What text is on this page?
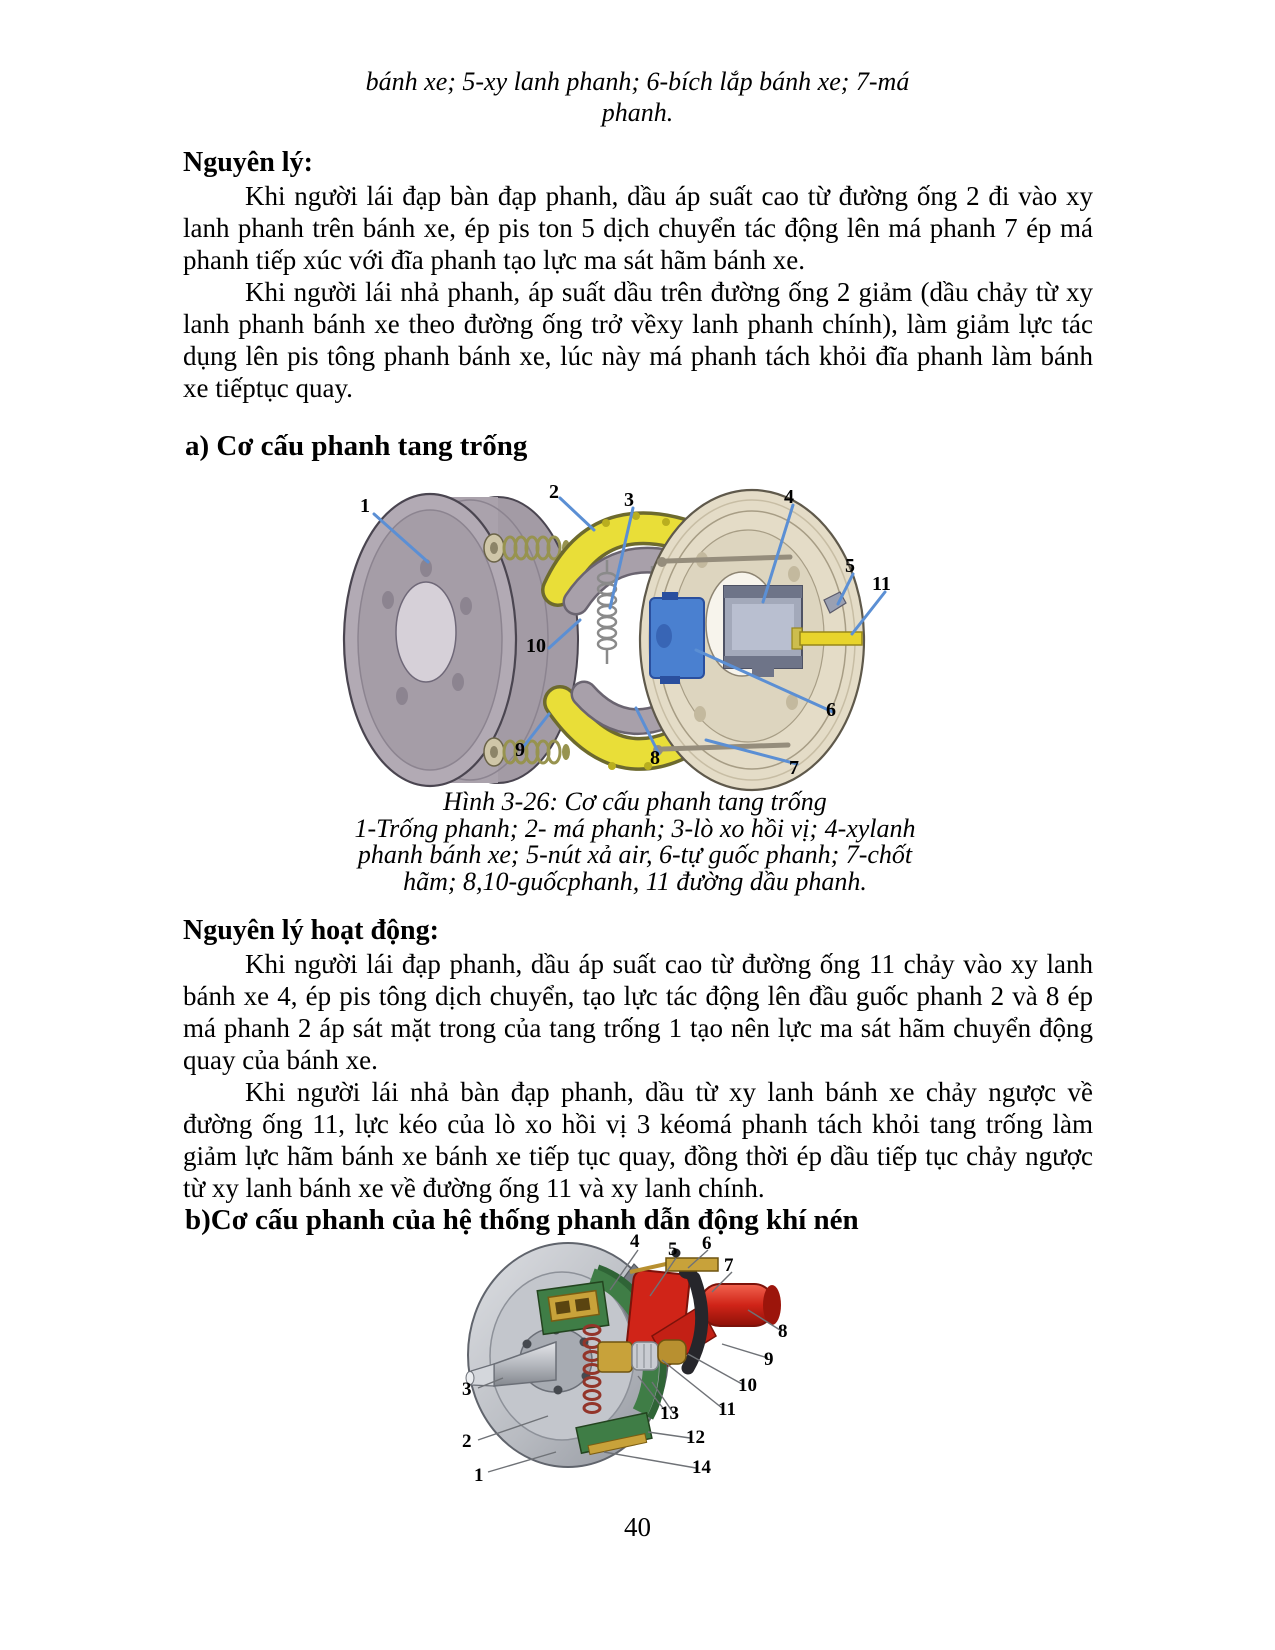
bánh xe; 5-xy lanh phanh; 6-bích lắp bánh xe; 7-má
phanh.
Nguyên lý:

Khi người lái đạp bàn đạp phanh, dầu áp suất cao từ đường ống 2 đi vào xy lanh phanh trên bánh xe, ép pis ton 5 dịch chuyển tác động lên má phanh 7 ép má phanh tiếp xúc với đĩa phanh tạo lực ma sát hãm bánh xe.

Khi người lái nhả phanh, áp suất dầu trên đường ống 2 giảm (dầu chảy từ xy lanh phanh bánh xe theo đường ống trở vềxy lanh phanh chính), làm giảm lực tác dụng lên pis tông phanh bánh xe, lúc này má phanh tách khỏi đĩa phanh làm bánh xe tiếptục quay.

a) Cơ cấu phanh tang trống
1
2	3	4
5
6
7
8
9
10
11
Hình 3-26: Cơ cấu phanh tang trống
1-Trống phanh; 2- má phanh; 3-lò xo hồi vị; 4-xylanh
phanh bánh xe; 5-nút xả air, 6-tự guốc phanh; 7-chốt
hãm; 8,10-guốcphanh, 11 đường dầu phanh.
Nguyên lý hoạt động:

Khi người lái đạp phanh, dầu áp suất cao từ đường ống 11 chảy vào xy lanh bánh xe 4, ép pis tông dịch chuyển, tạo lực tác động lên đầu guốc phanh 2 và 8 ép má phanh 2 áp sát mặt trong của tang trống 1 tạo nên lực ma sát hãm chuyển động quay của bánh xe.

Khi người lái nhả bàn đạp phanh, dầu từ xy lanh bánh xe chảy ngược về đường ống 11, lực kéo của lò xo hồi vị 3 kéomá phanh tách khỏi tang trống làm giảm lực hãm bánh xe bánh xe tiếp tục quay, đồng thời ép dầu tiếp tục chảy ngược từ xy lanh bánh xe về đường ống 11 và xy lanh chính.

b)Cơ cấu phanh của hệ thống phanh dẫn động khí nén
4 5 6
7
8
9
10
11
13
12
14
3
2
1
40
